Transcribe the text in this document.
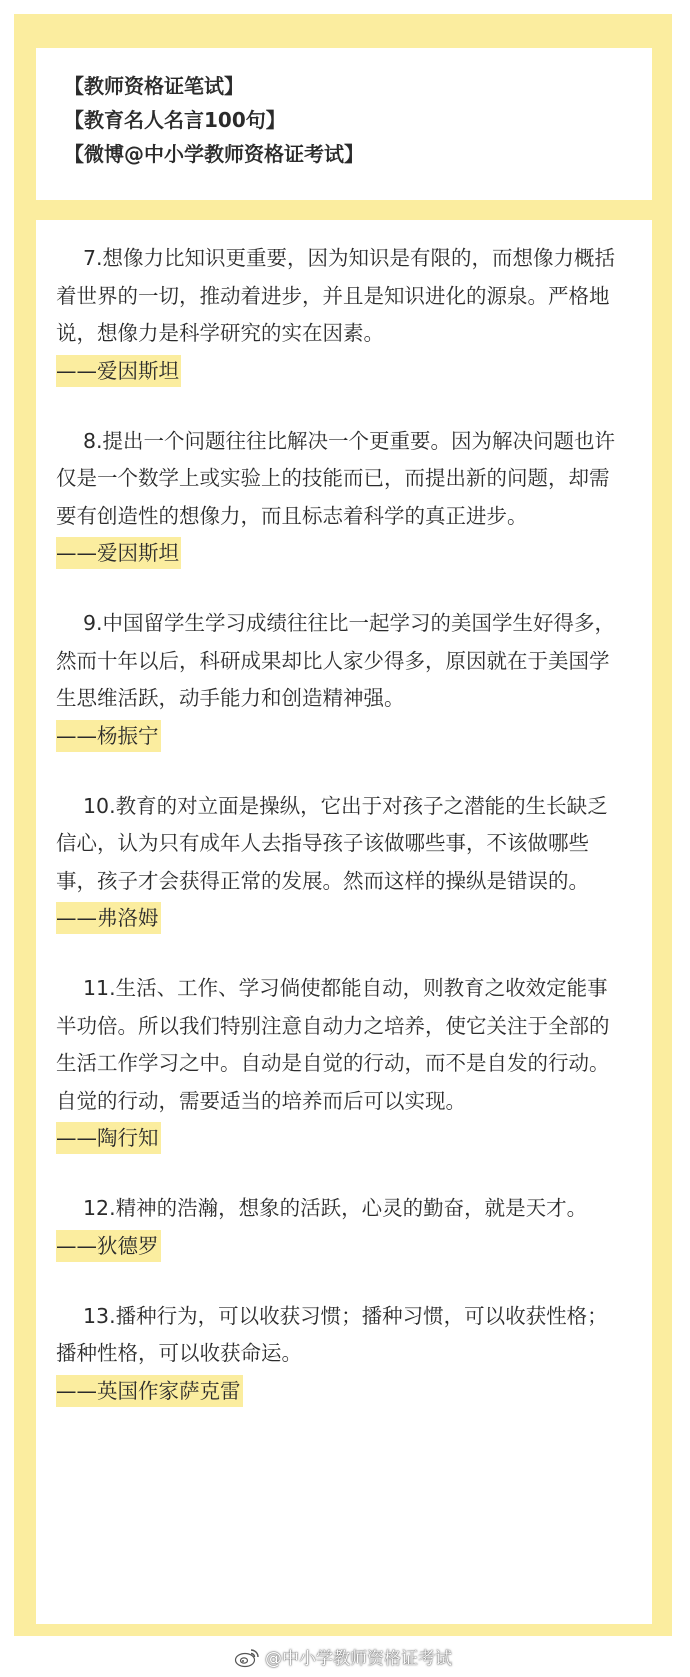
【教师资格证笔试】
【教育名人名言100句】
【微博@中小学教师资格证考试】

7.想像力比知识更重要，因为知识是有限的，而想像力概括着世界的一切，推动着进步，并且是知识进化的源泉。严格地说，想像力是科学研究的实在因素。

——爱因斯坦

8.提出一个问题往往比解决一个更重要。因为解决问题也许仅是一个数学上或实验上的技能而已，而提出新的问题，却需要有创造性的想像力，而且标志着科学的真正进步。

——爱因斯坦

9.中国留学生学习成绩往往比一起学习的美国学生好得多，然而十年以后，科研成果却比人家少得多，原因就在于美国学生思维活跃，动手能力和创造精神强。

——杨振宁

10.教育的对立面是操纵，它出于对孩子之潜能的生长缺乏信心，认为只有成年人去指导孩子该做哪些事，不该做哪些事，孩子才会获得正常的发展。然而这样的操纵是错误的。

——弗洛姆

11.生活、工作、学习倘使都能自动，则教育之收效定能事半功倍。所以我们特别注意自动力之培养，使它关注于全部的生活工作学习之中。自动是自觉的行动，而不是自发的行动。自觉的行动，需要适当的培养而后可以实现。

——陶行知

12.精神的浩瀚，想象的活跃，心灵的勤奋，就是天才。

——狄德罗

13.播种行为，可以收获习惯；播种习惯，可以收获性格；播种性格，可以收获命运。

——英国作家萨克雷
@中小学教师资格证考试
